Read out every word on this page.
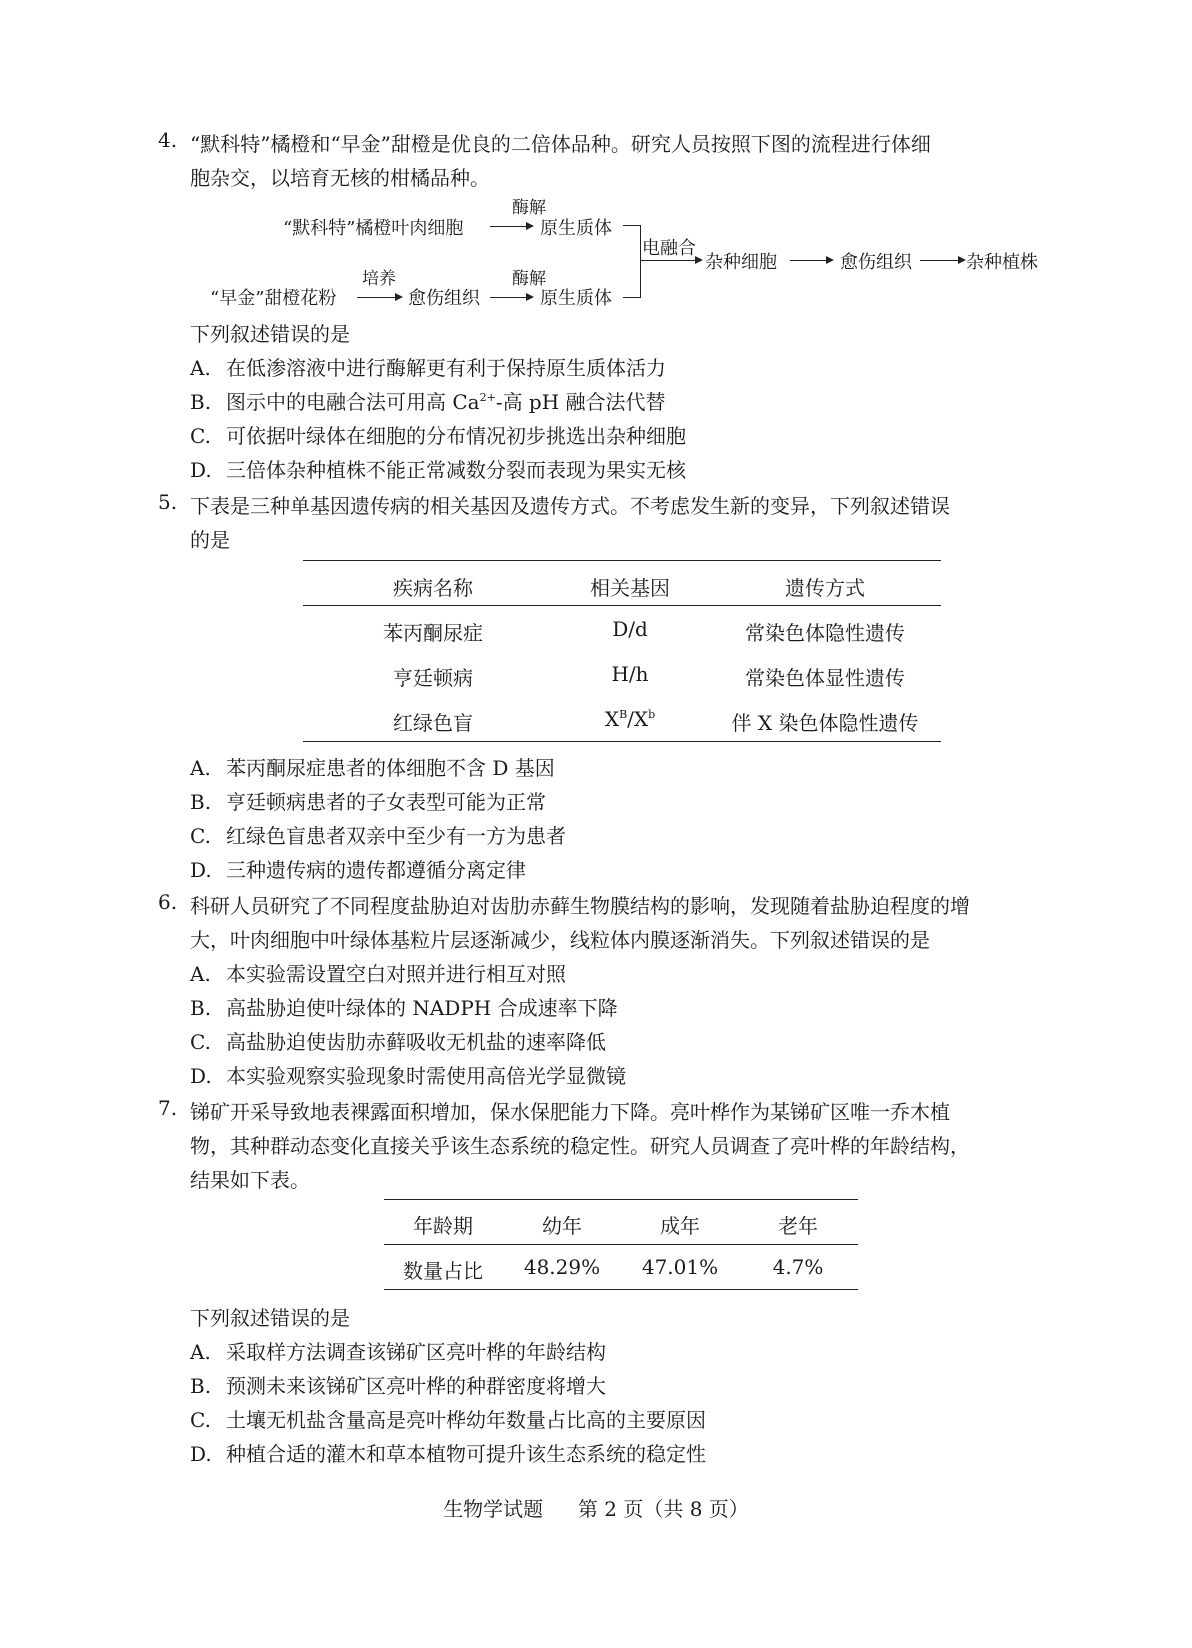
4. “默科特”橘橙和“早金”甜橙是优良的二倍体品种。研究人员按照下图的流程进行体细
胞杂交，以培育无核的柑橘品种。
“默科特”橘橙叶肉细胞
酶解
原生质体
“早金”甜橙花粉
培养
愈伤组织
酶解
原生质体
电融合
杂种细胞	愈伤组织	杂种植株
下列叙述错误的是
A. 在低渗溶液中进行酶解更有利于保持原生质体活力
B. 图示中的电融合法可用高 $Ca^{2+}-$高 pH 融合法代替
C. 可依据叶绿体在细胞的分布情况初步挑选出杂种细胞
D. 三倍体杂种植株不能正常减数分裂而表现为果实无核
5. 下表是三种单基因遗传病的相关基因及遗传方式。不考虑发生新的变异，下列叙述错误
的是
疾病名称	相关基因	遗传方式
苯丙酮尿症	D/d	常染色体隐性遗传
亨廷顿病	H/h	常染色体显性遗传
红绿色盲	$X^B/X^b$	伴 X 染色体隐性遗传
A. 苯丙酮尿症患者的体细胞不含 D 基因
B. 亨廷顿病患者的子女表型可能为正常
C. 红绿色盲患者双亲中至少有一方为患者
D. 三种遗传病的遗传都遵循分离定律
6. 科研人员研究了不同程度盐胁迫对齿肋赤藓生物膜结构的影响，发现随着盐胁迫程度的增
大，叶肉细胞中叶绿体基粒片层逐渐减少，线粒体内膜逐渐消失。下列叙述错误的是
A. 本实验需设置空白对照并进行相互对照
B. 高盐胁迫使叶绿体的 NADPH 合成速率下降
C. 高盐胁迫使齿肋赤藓吸收无机盐的速率降低
D. 本实验观察实验现象时需使用高倍光学显微镜
7. 锑矿开采导致地表裸露面积增加，保水保肥能力下降。亮叶桦作为某锑矿区唯一乔木植
物，其种群动态变化直接关乎该生态系统的稳定性。研究人员调查了亮叶桦的年龄结构，
结果如下表。
年龄期	幼年	成年	老年
数量占比	48.29%	47.01%	4.7%
下列叙述错误的是
A. 采取样方法调查该锑矿区亮叶桦的年龄结构
B. 预测未来该锑矿区亮叶桦的种群密度将增大
C. 土壤无机盐含量高是亮叶桦幼年数量占比高的主要原因
D. 种植合适的灌木和草本植物可提升该生态系统的稳定性
生物学试题 第 2 页（共 8 页）
